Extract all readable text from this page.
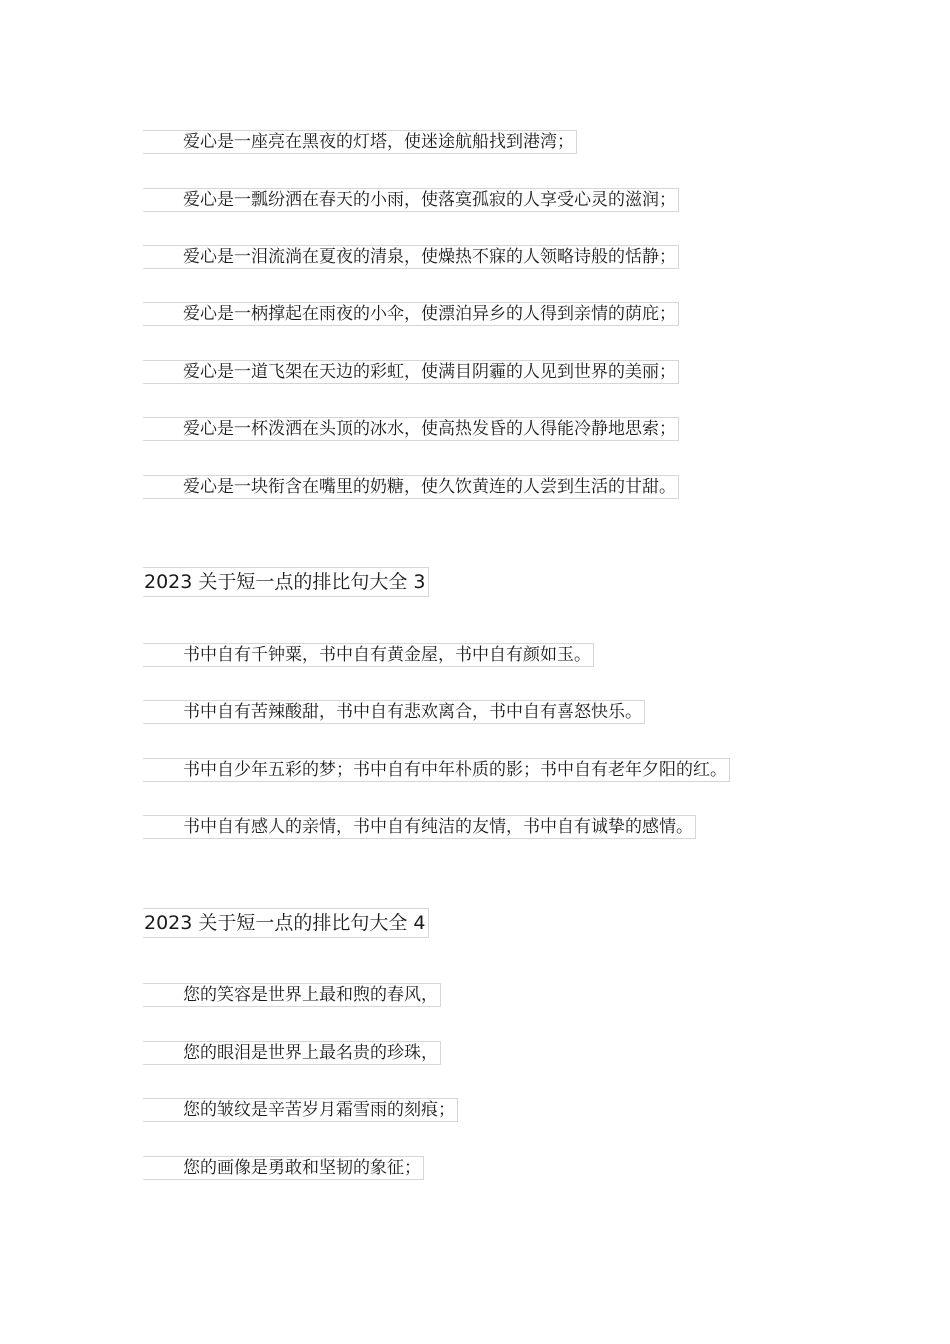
爱心是一座亮在黑夜的灯塔，使迷途航船找到港湾；
爱心是一瓢纷洒在春天的小雨，使落寞孤寂的人享受心灵的滋润；
爱心是一泪流淌在夏夜的清泉，使燥热不寐的人领略诗般的恬静；
爱心是一柄撑起在雨夜的小伞，使漂泊异乡的人得到亲情的荫庇；
爱心是一道飞架在天边的彩虹，使满目阴霾的人见到世界的美丽；
爱心是一杯泼洒在头顶的冰水，使高热发昏的人得能冷静地思索；
爱心是一块衔含在嘴里的奶糖，使久饮黄连的人尝到生活的甘甜。
2023 关于短一点的排比句大全 3
书中自有千钟粟，书中自有黄金屋，书中自有颜如玉。
书中自有苦辣酸甜，书中自有悲欢离合，书中自有喜怒快乐。
书中自少年五彩的梦；书中自有中年朴质的影；书中自有老年夕阳的红。
书中自有感人的亲情，书中自有纯洁的友情，书中自有诚挚的感情。
2023 关于短一点的排比句大全 4
您的笑容是世界上最和煦的春风，
您的眼泪是世界上最名贵的珍珠，
您的皱纹是辛苦岁月霜雪雨的刻痕；
您的画像是勇敢和坚韧的象征；
